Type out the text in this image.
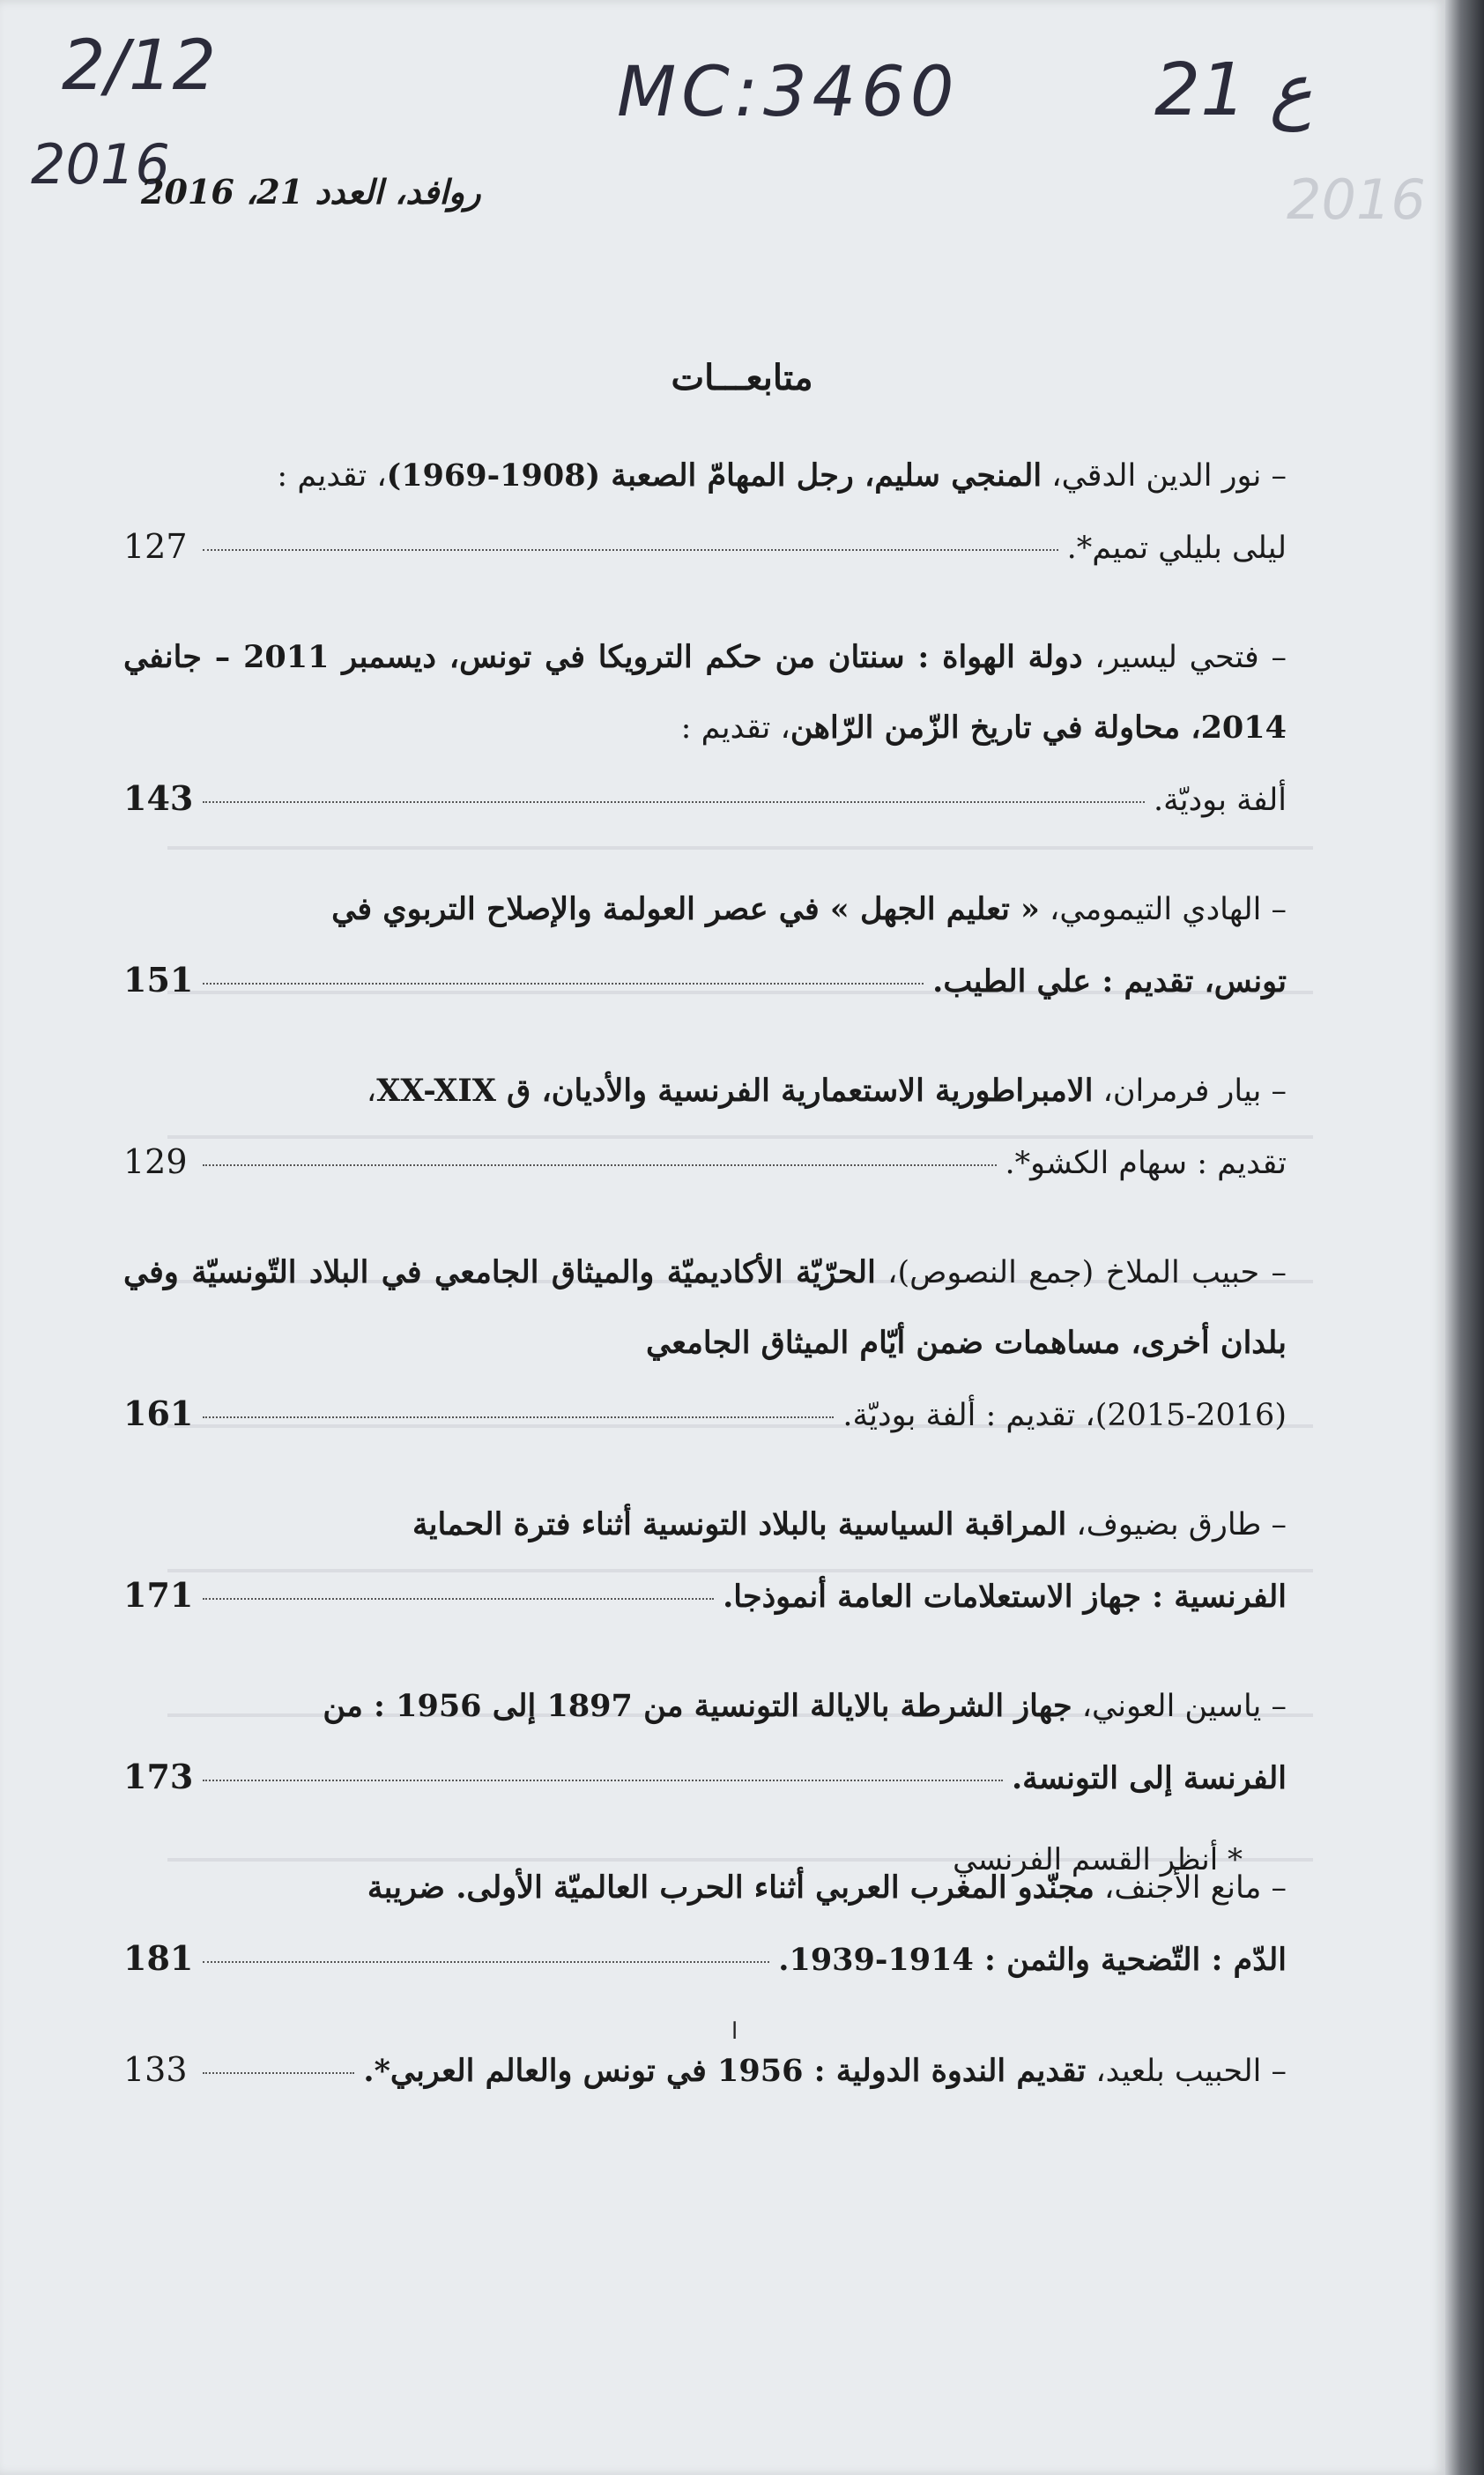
2/12
2016
MC:3460	ع 21
2016
روافد، العدد 21، 2016
متابعـــات

– نور الدين الدقي، المنجي سليم، رجل المهامّ الصعبة (1908-1969)، تقديم :

ليلى بليلي تميم*.
127

– فتحي ليسير، دولة الهواة : سنتان من حكم الترويكا في تونس، ديسمبر 2011 – جانفي 2014، محاولة في تاريخ الزّمن الرّاهن، تقديم :

ألفة بوديّة.
143

– الهادي التيمومي، « تعليم الجهل » في عصر العولمة والإصلاح التربوي في

تونس، تقديم : علي الطيب.
151

– بيار فرمران، الامبراطورية الاستعمارية الفرنسية والأديان، ق XX-XIX،

تقديم : سهام الكشو*.
129

– حبيب الملاخ (جمع النصوص)، الحرّيّة الأكاديميّة والميثاق الجامعي في البلاد التّونسيّة وفي بلدان أخرى، مساهمات ضمن أيّام الميثاق الجامعي

(2015-2016)، تقديم : ألفة بوديّة.
161

– طارق بضيوف، المراقبة السياسية بالبلاد التونسية أثناء فترة الحماية

الفرنسية : جهاز الاستعلامات العامة أنموذجا.
171

– ياسين العوني، جهاز الشرطة بالايالة التونسية من 1897 إلى 1956 : من

الفرنسة إلى التونسة.
173

– مانع الأجنف، مجنّدو المغرب العربي أثناء الحرب العالميّة الأولى. ضريبة

الدّم : التّضحية والثمن : 1914-1939.
181
– الحبيب بلعيد، تقديم الندوة الدولية : 1956 في تونس والعالم العربي*.
133
* أنظر القسم الفرنسي
ا
